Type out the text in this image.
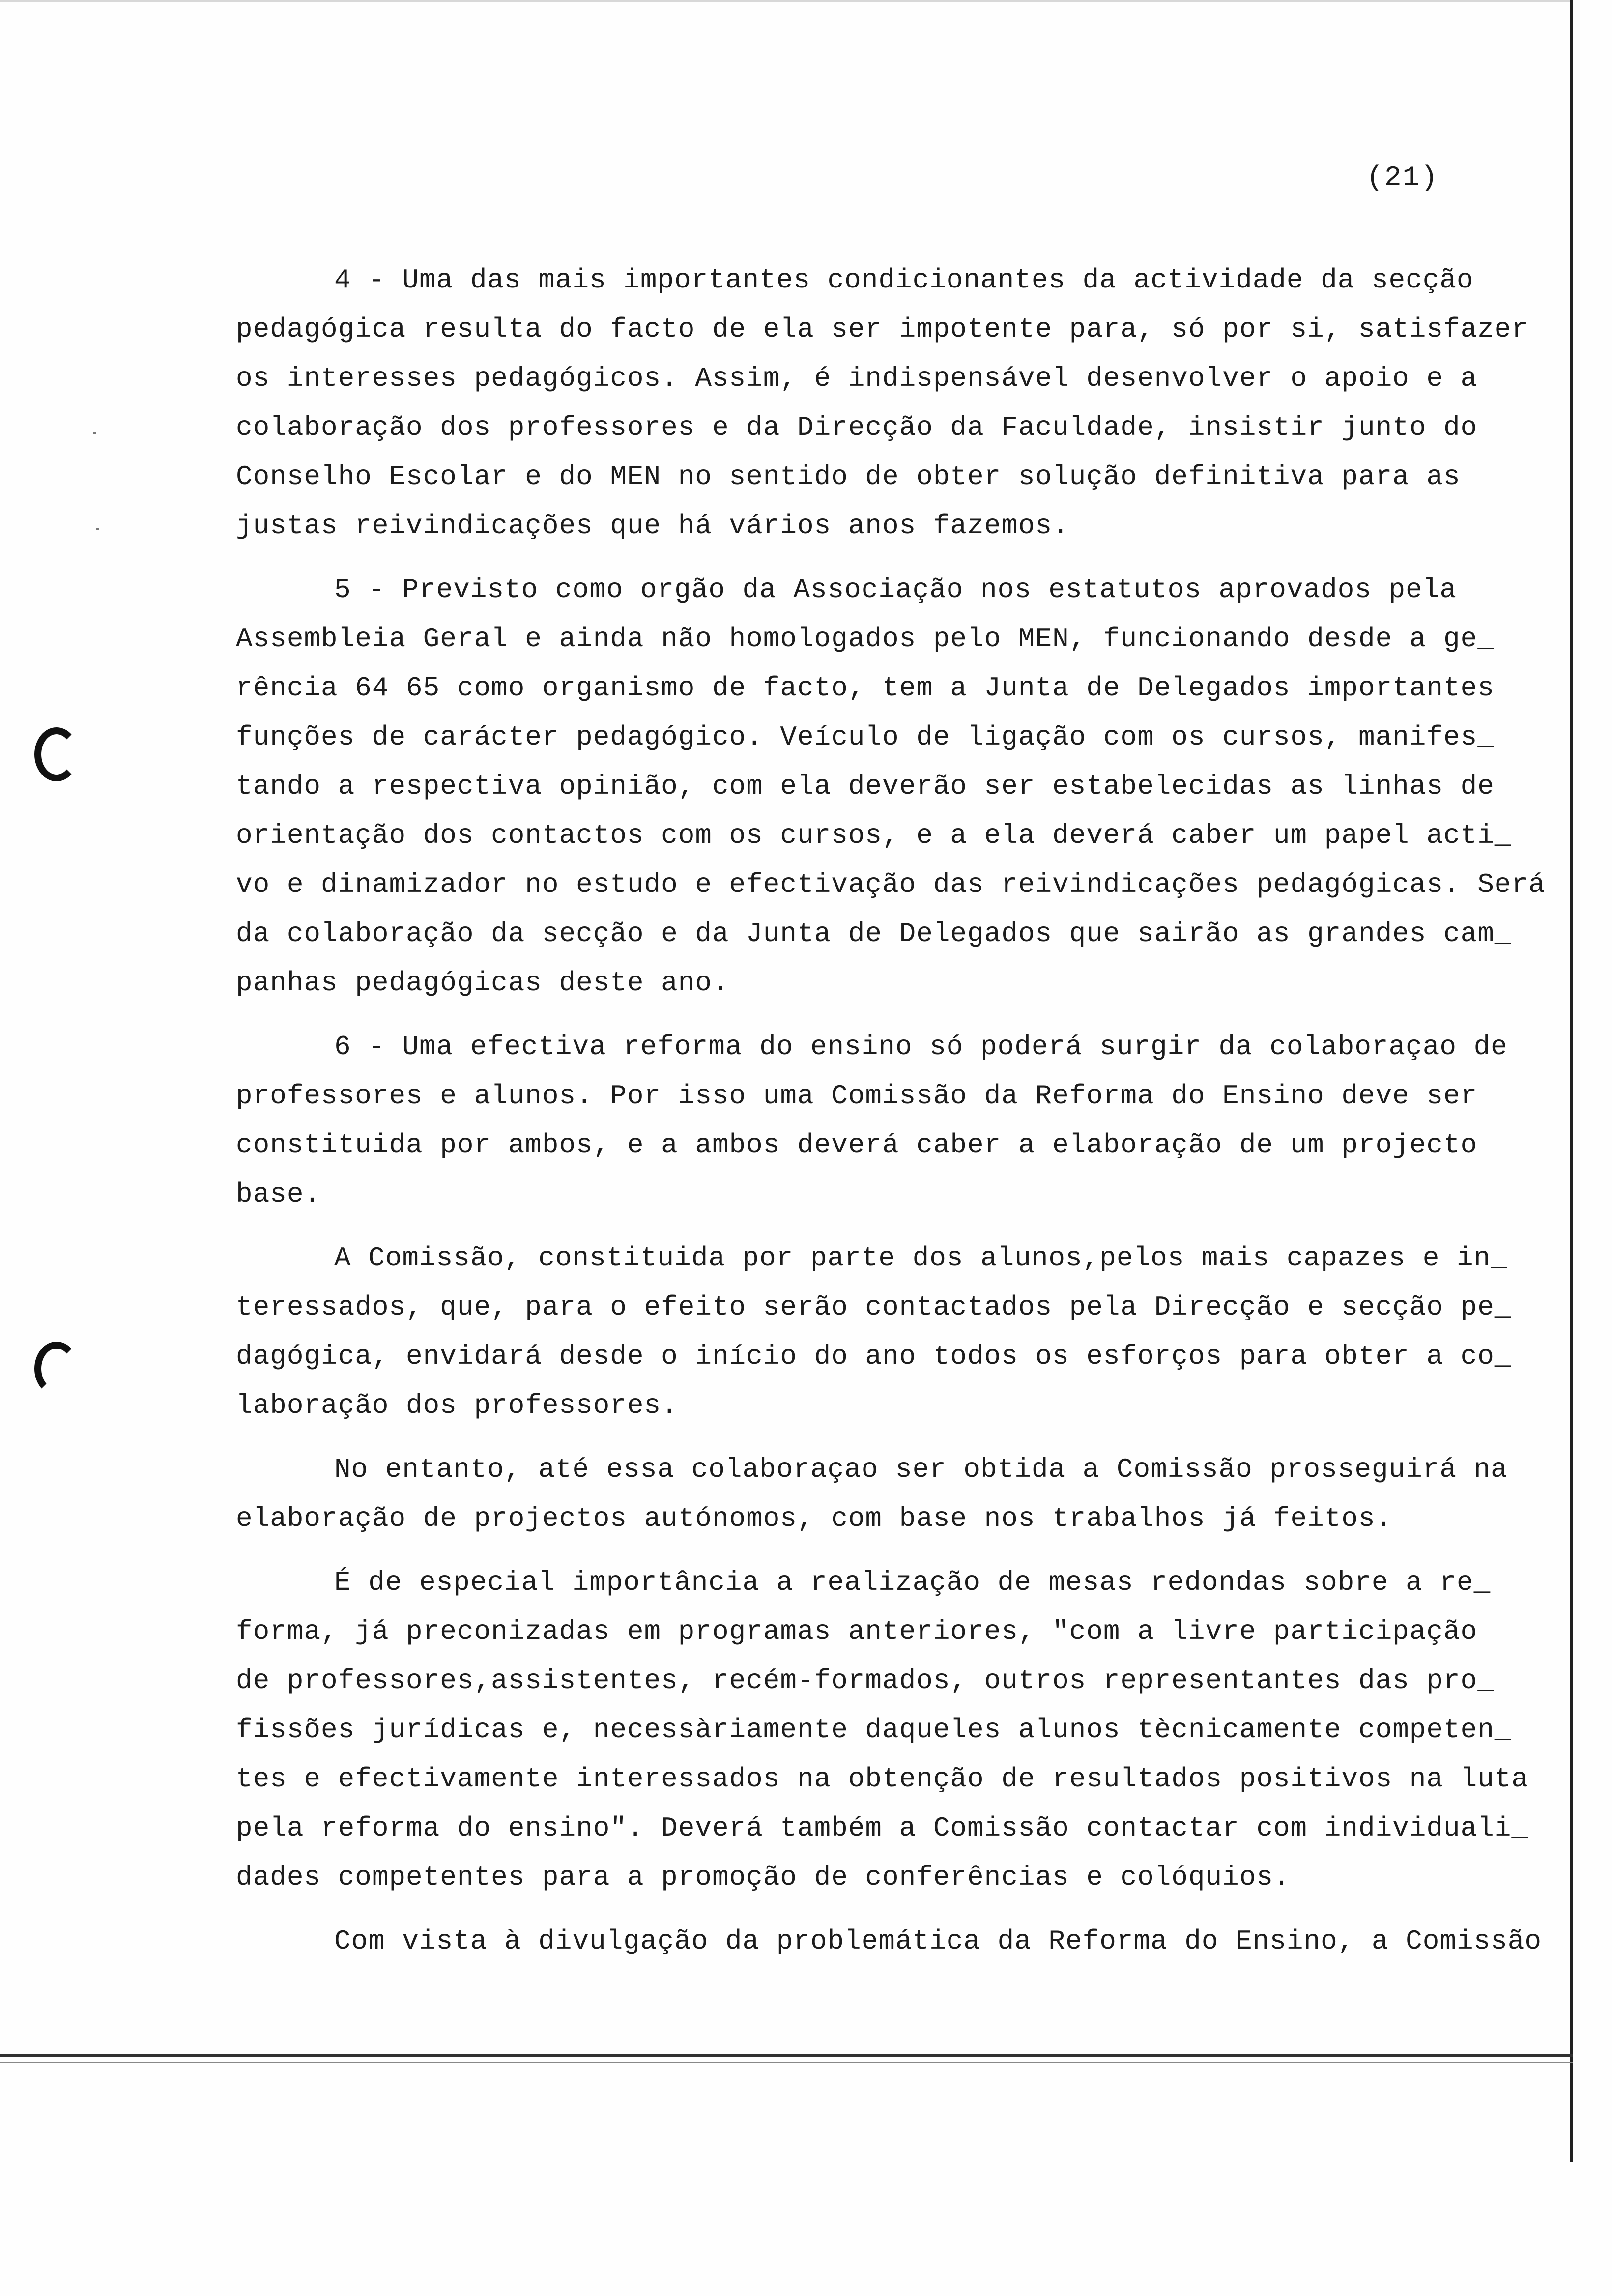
(21)
4 - Uma das mais importantes condicionantes da actividade da secção
pedagógica resulta do facto de ela ser impotente para, só por si, satisfazer
os interesses pedagógicos. Assim, é indispensável desenvolver o apoio e a
colaboração dos professores e da Direcção da Faculdade, insistir junto do
Conselho Escolar e do MEN no sentido de obter solução definitiva para as
justas reivindicações que há vários anos fazemos.
5 - Previsto como orgão da Associação nos estatutos aprovados pela
Assembleia Geral e ainda não homologados pelo MEN, funcionando desde a ge_
rência 64 65 como organismo de facto, tem a Junta de Delegados importantes
funções de carácter pedagógico. Veículo de ligação com os cursos, manifes_
tando a respectiva opinião, com ela deverão ser estabelecidas as linhas de
orientação dos contactos com os cursos, e a ela deverá caber um papel acti_
vo e dinamizador no estudo e efectivação das reivindicações pedagógicas. Será
da colaboração da secção e da Junta de Delegados que sairão as grandes cam_
panhas pedagógicas deste ano.
6 - Uma efectiva reforma do ensino só poderá surgir da colaboraçao de
professores e alunos. Por isso uma Comissão da Reforma do Ensino deve ser
constituida por ambos, e a ambos deverá caber a elaboração de um projecto
base.
A Comissão, constituida por parte dos alunos,pelos mais capazes e in_
teressados, que, para o efeito serão contactados pela Direcção e secção pe_
dagógica, envidará desde o início do ano todos os esforços para obter a co_
laboração dos professores.
No entanto, até essa colaboraçao ser obtida a Comissão prosseguirá na
elaboração de projectos autónomos, com base nos trabalhos já feitos.
É de especial importância a realização de mesas redondas sobre a re_
forma, já preconizadas em programas anteriores, "com a livre participação
de professores,assistentes, recém-formados, outros representantes das pro_
fissões jurídicas e, necessàriamente daqueles alunos tècnicamente competen_
tes e efectivamente interessados na obtenção de resultados positivos na luta
pela reforma do ensino". Deverá também a Comissão contactar com individuali_
dades competentes para a promoção de conferências e colóquios.
Com vista à divulgação da problemática da Reforma do Ensino, a Comissão
